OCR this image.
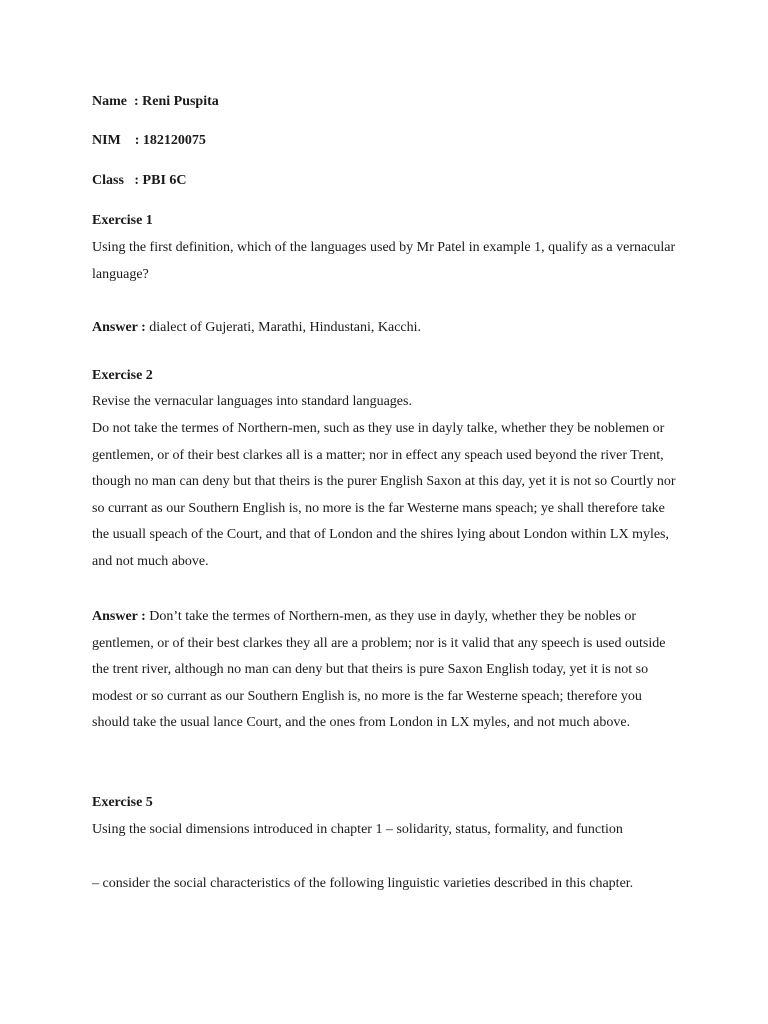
Name  : Reni Puspita
NIM    : 182120075
Class   : PBI 6C
Exercise 1

Using the first definition, which of the languages used by Mr Patel in example 1, qualify as a vernacular language?

Answer : dialect of Gujerati, Marathi, Hindustani, Kacchi.

Exercise 2

Revise the vernacular languages into standard languages.

Do not take the termes of Northern-men, such as they use in dayly talke, whether they be noblemen or gentlemen, or of their best clarkes all is a matter; nor in effect any speach used beyond the river Trent, though no man can deny but that theirs is the purer English Saxon at this day, yet it is not so Courtly nor so currant as our Southern English is, no more is the far Westerne mans speach; ye shall therefore take the usuall speach of the Court, and that of London and the shires lying about London within LX myles, and not much above.

Answer : Don’t take the termes of Northern-men, as they use in dayly, whether they be nobles or gentlemen, or of their best clarkes they all are a problem; nor is it valid that any speech is used outside the trent river, although no man can deny but that theirs is pure Saxon English today, yet it is not so modest or so currant as our Southern English is, no more is the far Westerne speach; therefore you should take the usual lance Court, and the ones from London in LX myles, and not much above.

Exercise 5

Using the social dimensions introduced in chapter 1 – solidarity, status, formality, and function

– consider the social characteristics of the following linguistic varieties described in this chapter.
